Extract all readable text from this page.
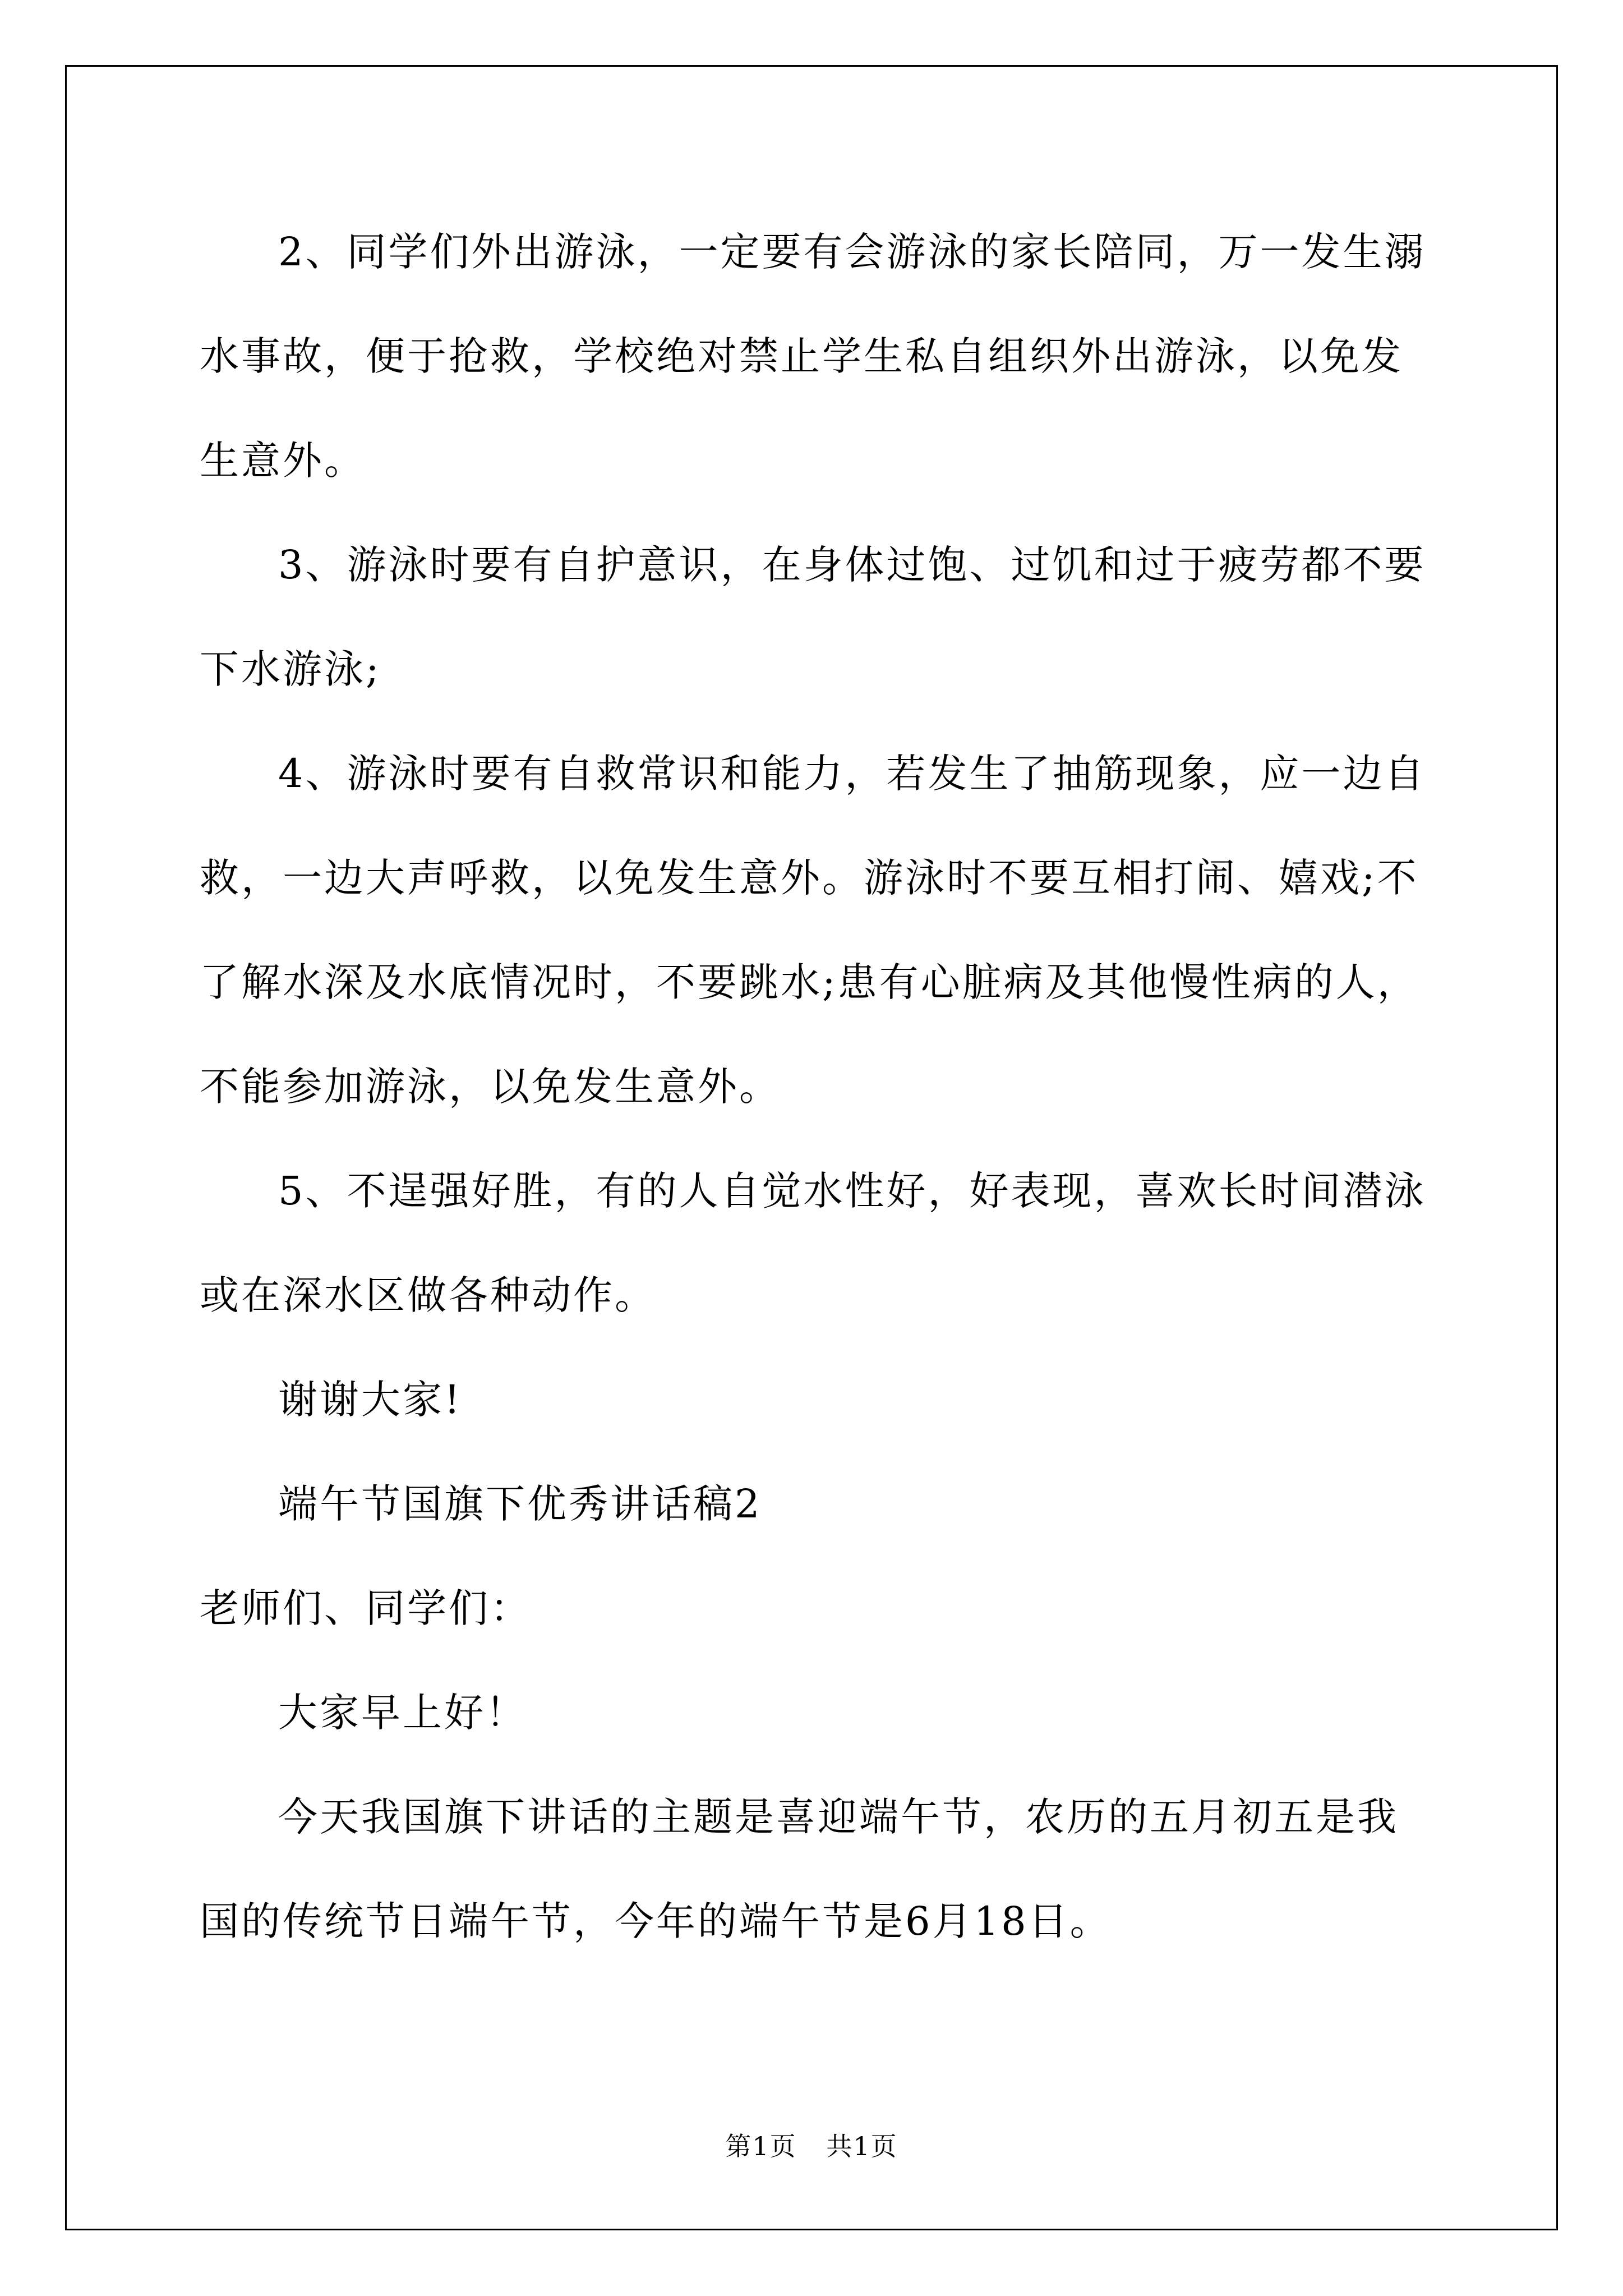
2、同学们外出游泳，一定要有会游泳的家长陪同，万一发生溺水事故，便于抢救，学校绝对禁止学生私自组织外出游泳，以免发生意外。

3、游泳时要有自护意识，在身体过饱、过饥和过于疲劳都不要下水游泳;

4、游泳时要有自救常识和能力，若发生了抽筋现象，应一边自救，一边大声呼救，以免发生意外。游泳时不要互相打闹、嬉戏;不了解水深及水底情况时，不要跳水;患有心脏病及其他慢性病的人，不能参加游泳，以免发生意外。

5、不逞强好胜，有的人自觉水性好，好表现，喜欢长时间潜泳或在深水区做各种动作。

谢谢大家!

端午节国旗下优秀讲话稿2

老师们、同学们：

大家早上好！

今天我国旗下讲话的主题是喜迎端午节，农历的五月初五是我国的传统节日端午节，今年的端午节是6月18日。

第1页 共1页
